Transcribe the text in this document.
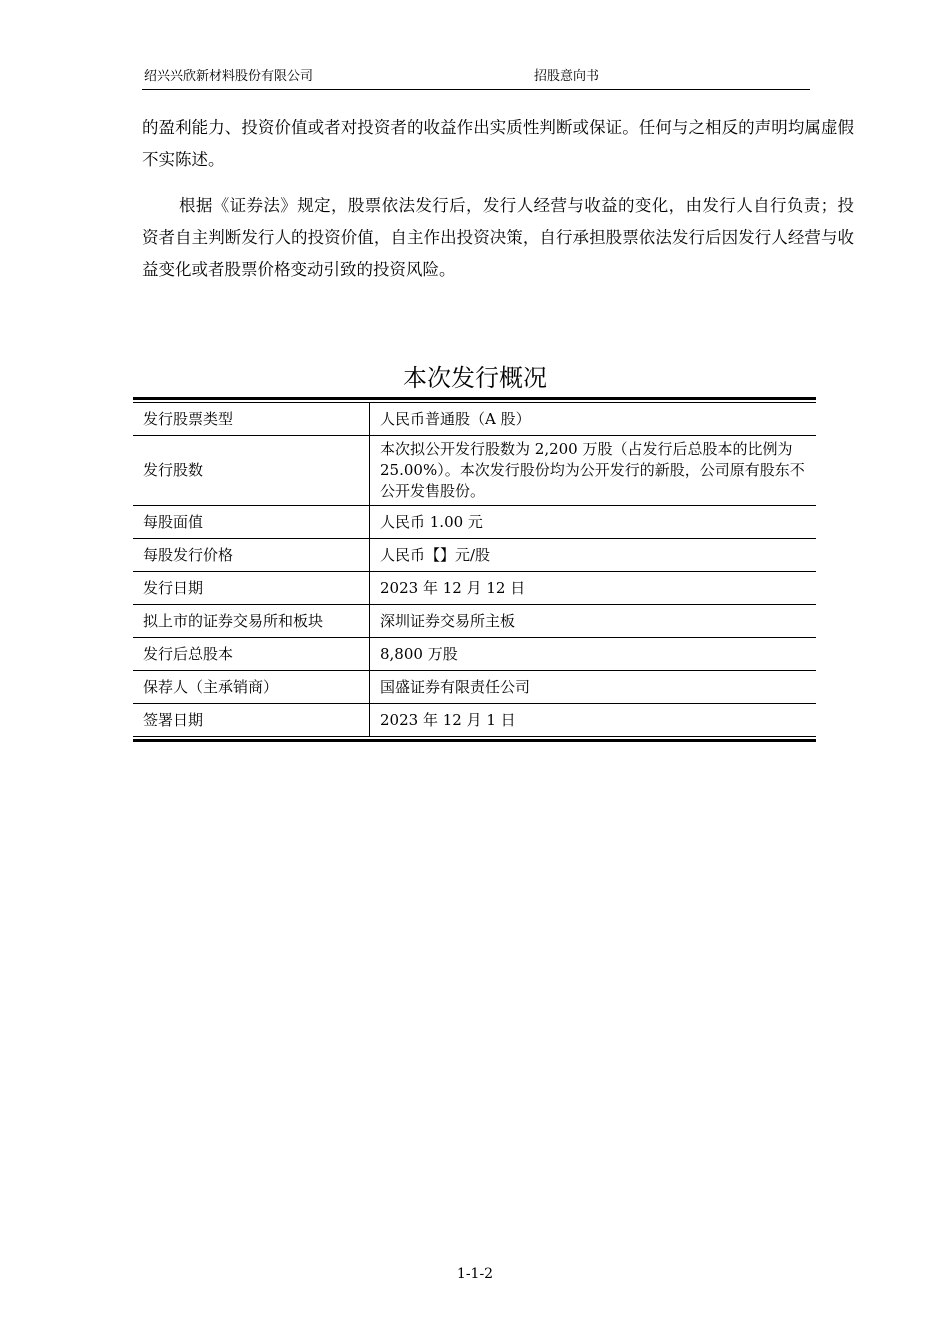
绍兴兴欣新材料股份有限公司	招股意向书

的盈利能力、投资价值或者对投资者的收益作出实质性判断或保证。任何与之相反的声明均属虚假不实陈述。

根据《证券法》规定，股票依法发行后，发行人经营与收益的变化，由发行人自行负责；投资者自主判断发行人的投资价值，自主作出投资决策，自行承担股票依法发行后因发行人经营与收益变化或者股票价格变动引致的投资风险。

本次发行概况
发行股票类型	人民币普通股（A 股）
发行股数	本次拟公开发行股数为 2,200 万股（占发行后总股本的比例为 25.00%）。本次发行股份均为公开发行的新股，公司原有股东不公开发售股份。
每股面值	人民币 1.00 元
每股发行价格	人民币【】元/股
发行日期	2023 年 12 月 12 日
拟上市的证券交易所和板块	深圳证券交易所主板
发行后总股本	8,800 万股
保荐人（主承销商）	国盛证券有限责任公司
签署日期	2023 年 12 月 1 日
1-1-2
